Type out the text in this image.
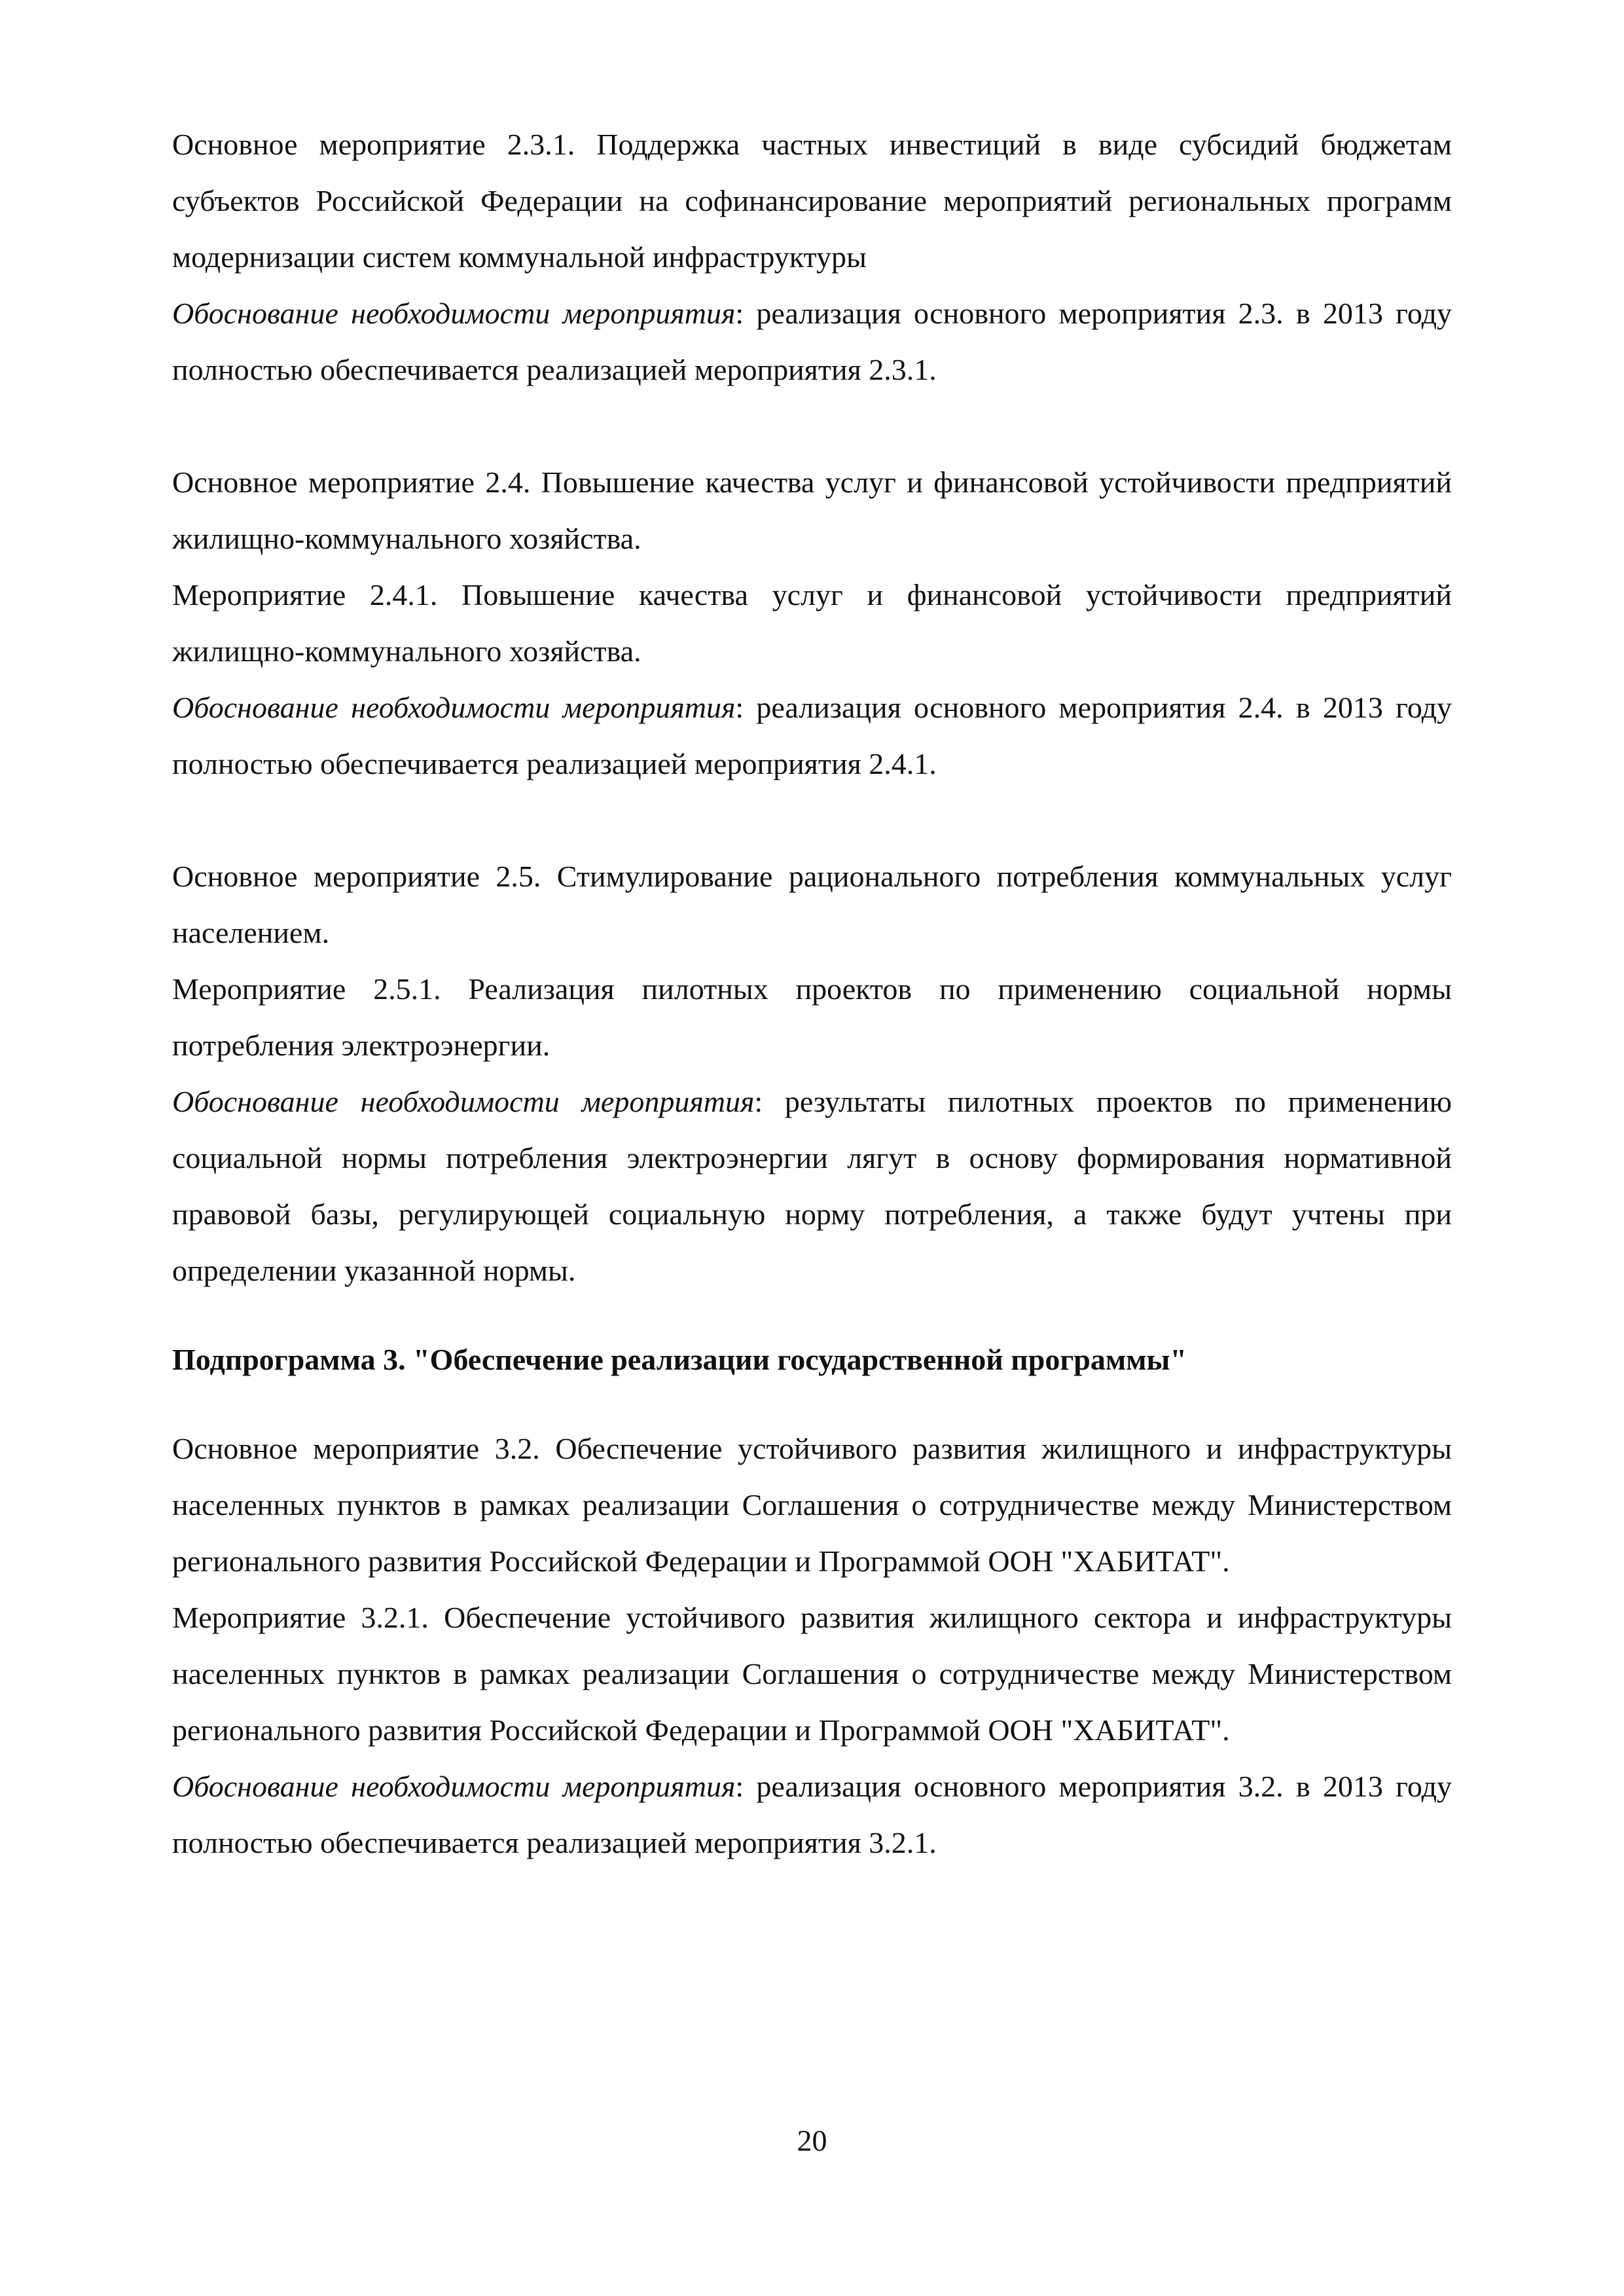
Основное мероприятие 2.3.1. Поддержка частных инвестиций в виде субсидий бюджетам субъектов Российской Федерации на софинансирование мероприятий региональных программ модернизации систем коммунальной инфраструктуры

Обоснование необходимости мероприятия: реализация основного мероприятия 2.3. в 2013 году полностью обеспечивается реализацией мероприятия 2.3.1.

Основное мероприятие 2.4. Повышение качества услуг и финансовой устойчивости предприятий жилищно-коммунального хозяйства.

Мероприятие 2.4.1. Повышение качества услуг и финансовой устойчивости предприятий жилищно-коммунального хозяйства.

Обоснование необходимости мероприятия: реализация основного мероприятия 2.4. в 2013 году полностью обеспечивается реализацией мероприятия 2.4.1.

Основное мероприятие 2.5. Стимулирование рационального потребления коммунальных услуг населением.

Мероприятие 2.5.1. Реализация пилотных проектов по применению социальной нормы потребления электроэнергии.

Обоснование необходимости мероприятия: результаты пилотных проектов по применению социальной нормы потребления электроэнергии лягут в основу формирования нормативной правовой базы, регулирующей социальную норму потребления, а также будут учтены при определении указанной нормы.

Подпрограмма 3. "Обеспечение реализации государственной программы"

Основное мероприятие 3.2. Обеспечение устойчивого развития жилищного и инфраструктуры населенных пунктов в рамках реализации Соглашения о сотрудничестве между Министерством регионального развития Российской Федерации и Программой ООН "ХАБИТАТ".

Мероприятие 3.2.1. Обеспечение устойчивого развития жилищного сектора и инфраструктуры населенных пунктов в рамках реализации Соглашения о сотрудничестве между Министерством регионального развития Российской Федерации и Программой ООН "ХАБИТАТ".

Обоснование необходимости мероприятия: реализация основного мероприятия 3.2. в 2013 году полностью обеспечивается реализацией мероприятия 3.2.1.

20
